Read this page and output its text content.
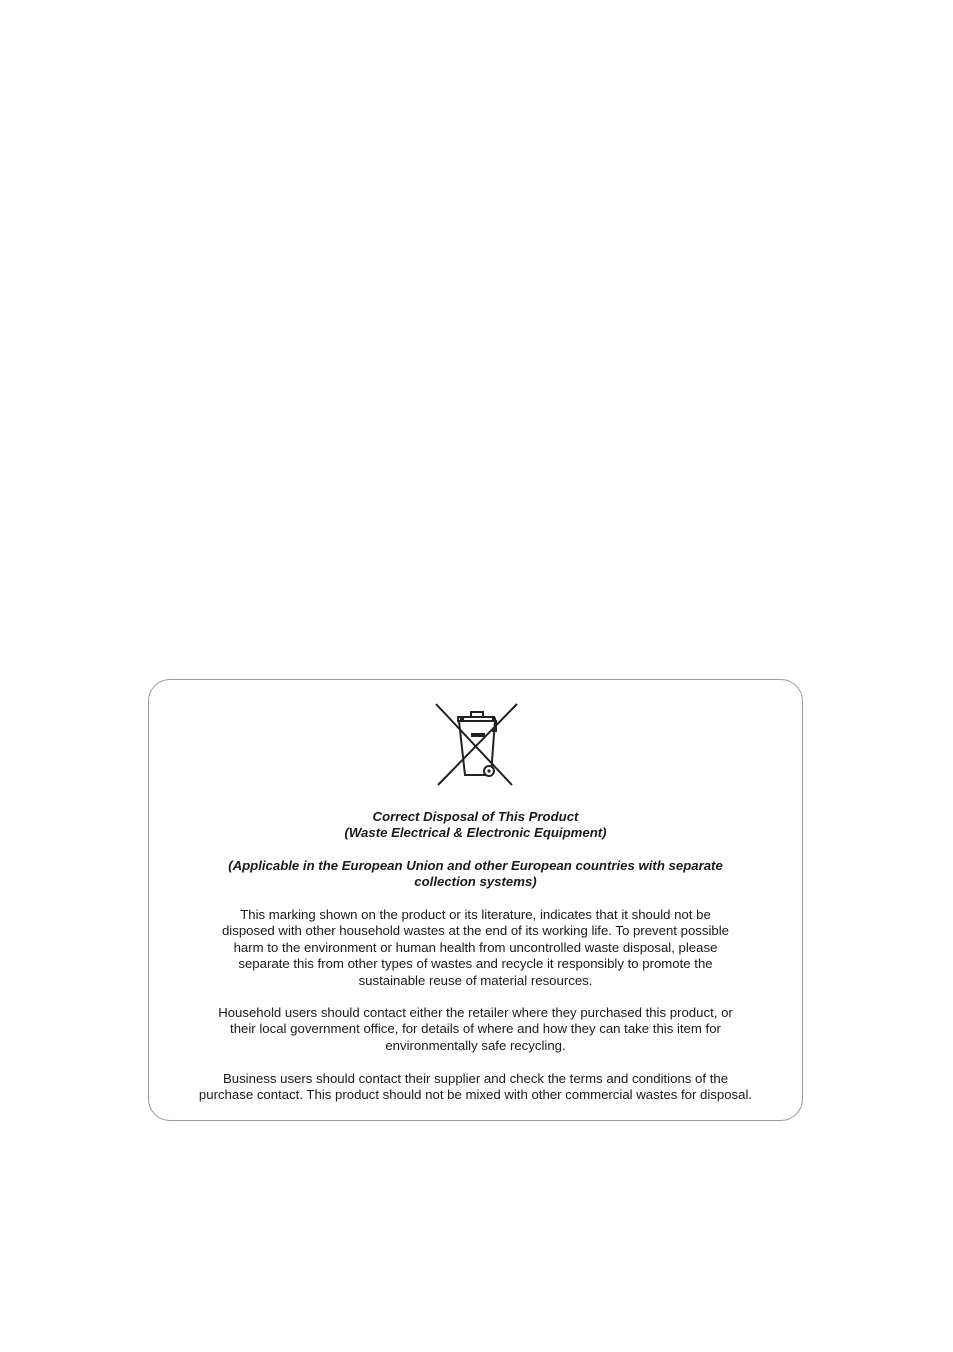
Correct Disposal of This Product
(Waste Electrical & Electronic Equipment)
(Applicable in the European Union and other European countries with separate
collection systems)
This marking shown on the product or its literature, indicates that it should not be
disposed with other household wastes at the end of its working life. To prevent possible
harm to the environment or human health from uncontrolled waste disposal, please
separate this from other types of wastes and recycle it responsibly to promote the
sustainable reuse of material resources.
Household users should contact either the retailer where they purchased this product, or
their local government office, for details of where and how they can take this item for
environmentally safe recycling.
Business users should contact their supplier and check the terms and conditions of the
purchase contact. This product should not be mixed with other commercial wastes for disposal.
